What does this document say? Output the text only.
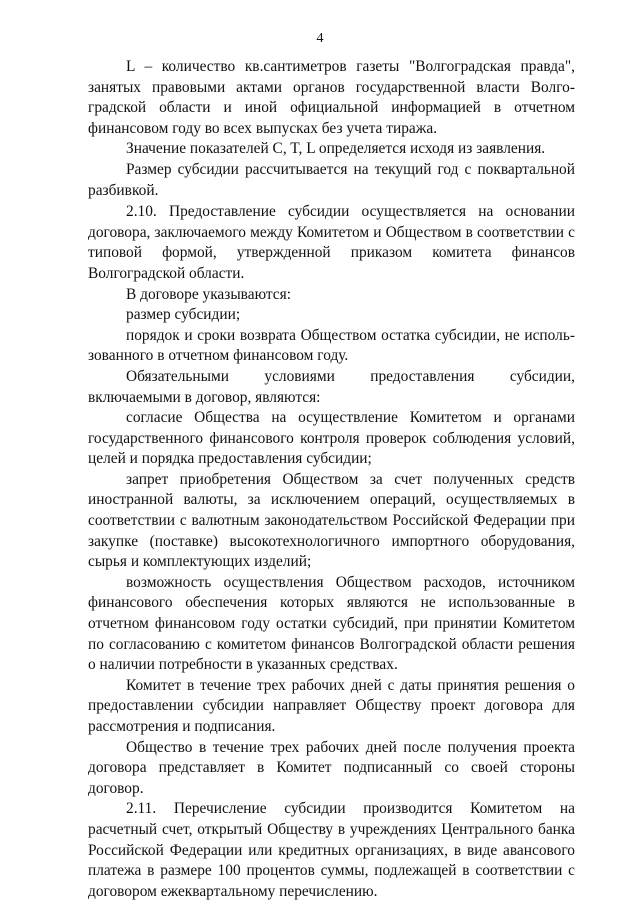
4

L – количество кв.сантиметров газеты "Волгоградская правда", занятых правовыми актами органов государственной власти Волгоградской области и иной официальной информацией в отчетном финансовом году во всех выпусках без учета тиража.

Значение показателей C, T, L определяется исходя из заявления.

Размер субсидии рассчитывается на текущий год с поквартальной разбивкой.

2.10. Предоставление субсидии осуществляется на основании договора, заключаемого между Комитетом и Обществом в соответствии с типовой формой, утвержденной приказом комитета финансов Волгоградской области.

В договоре указываются:

размер субсидии;

порядок и сроки возврата Обществом остатка субсидии, не использованного в отчетном финансовом году.

Обязательными условиями предоставления субсидии, включаемыми в договор, являются:

согласие Общества на осуществление Комитетом и органами государственного финансового контроля проверок соблюдения условий, целей и порядка предоставления субсидии;

запрет приобретения Обществом за счет полученных средств иностранной валюты, за исключением операций, осуществляемых в соответствии с валютным законодательством Российской Федерации при закупке (поставке) высокотехнологичного импортного оборудования, сырья и комплектующих изделий;

возможность осуществления Обществом расходов, источником финансового обеспечения которых являются не использованные в отчетном финансовом году остатки субсидий, при принятии Комитетом по согласованию с комитетом финансов Волгоградской области решения о наличии потребности в указанных средствах.

Комитет в течение трех рабочих дней с даты принятия решения о предоставлении субсидии направляет Обществу проект договора для рассмотрения и подписания.

Общество в течение трех рабочих дней после получения проекта договора представляет в Комитет подписанный со своей стороны договор.

2.11. Перечисление субсидии производится Комитетом на расчетный счет, открытый Обществу в учреждениях Центрального банка Российской Федерации или кредитных организациях, в виде авансового платежа в размере 100 процентов суммы, подлежащей в соответствии с договором ежеквартальному перечислению.
